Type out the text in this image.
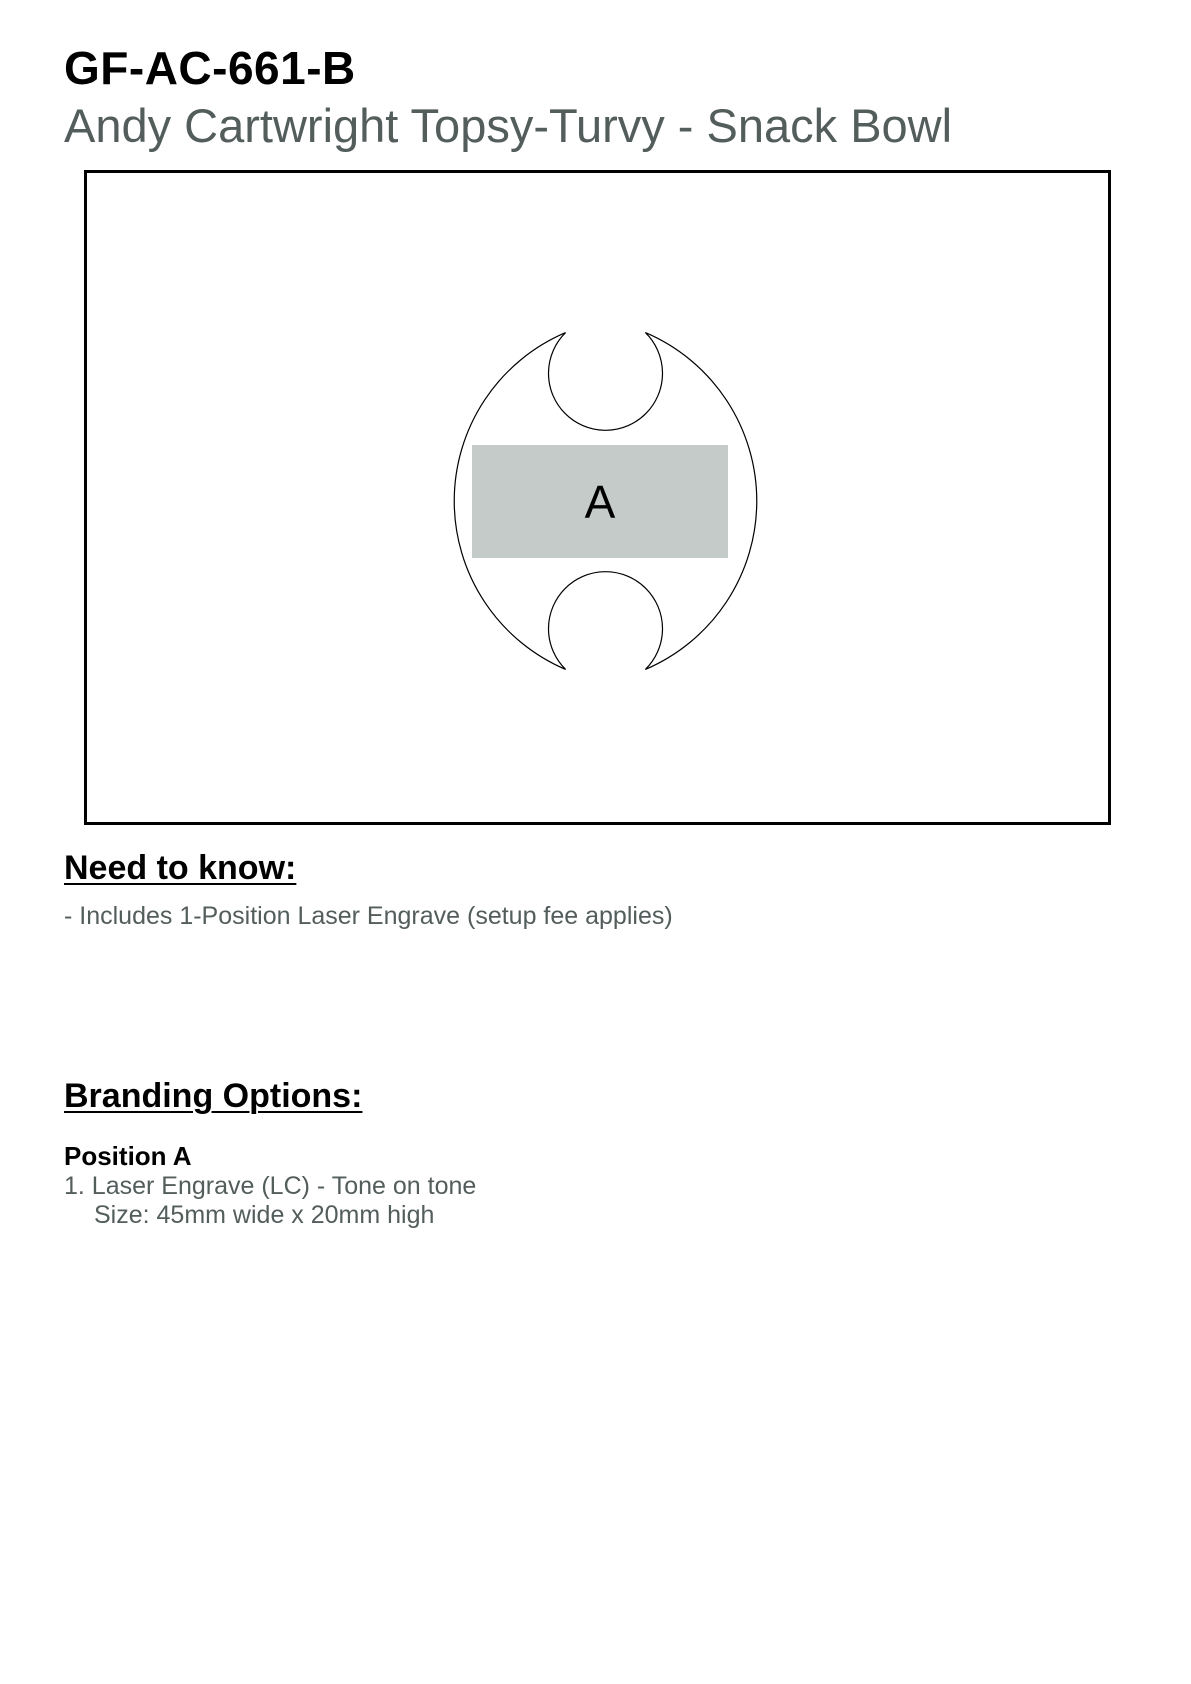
GF-AC-661-B
Andy Cartwright Topsy-Turvy - Snack Bowl
A
Need to know:

- Includes 1-Position Laser Engrave (setup fee applies)

Branding Options:

Position A

1. Laser Engrave (LC) - Tone on tone

Size: 45mm wide x 20mm high
